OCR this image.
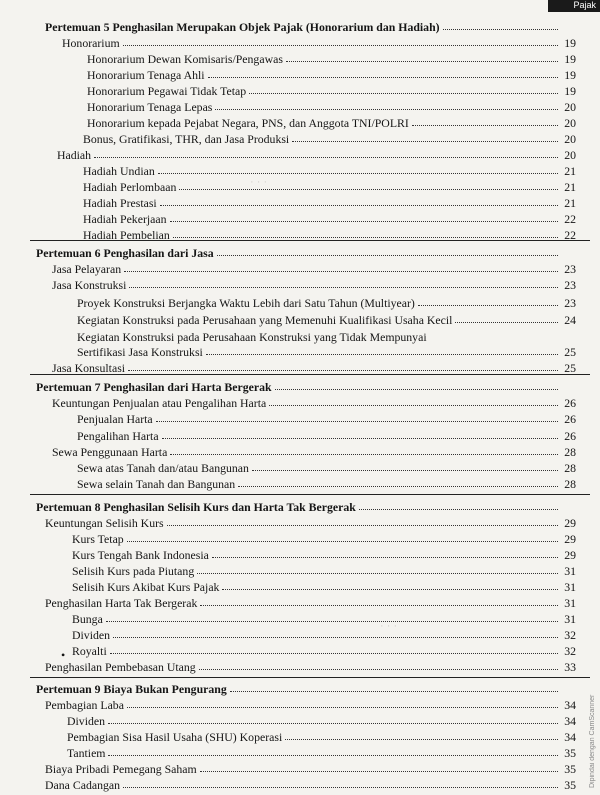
Pajak
· · ·
· · ·
Pertemuan 5 Penghasilan Merupakan Objek Pajak (Honorarium dan Hadiah)
Honorarium	19
Honorarium Dewan Komisaris/Pengawas	19
Honorarium Tenaga Ahli	19
Honorarium Pegawai Tidak Tetap	19
Honorarium Tenaga Lepas	20
Honorarium kepada Pejabat Negara, PNS, dan Anggota TNI/POLRI	20
Bonus, Gratifikasi, THR, dan Jasa Produksi	20
Hadiah	20
Hadiah Undian	21
Hadiah Perlombaan	21
Hadiah Prestasi	21
Hadiah Pekerjaan	22
Hadiah Pembelian	22
Pertemuan 6 Penghasilan dari Jasa
Jasa Pelayaran	23
Jasa Konstruksi	23
Proyek Konstruksi Berjangka Waktu Lebih dari Satu Tahun (Multiyear)	23
Kegiatan Konstruksi pada Perusahaan yang Memenuhi Kualifikasi Usaha Kecil	24
Kegiatan Konstruksi pada Perusahaan Konstruksi yang Tidak Mempunyai
Sertifikasi Jasa Konstruksi	25
Jasa Konsultasi	25
Pertemuan 7 Penghasilan dari Harta Bergerak
Keuntungan Penjualan atau Pengalihan Harta	26
Penjualan Harta	26
Pengalihan Harta	26
Sewa Penggunaan Harta	28
Sewa atas Tanah dan/atau Bangunan	28
Sewa selain Tanah dan Bangunan	28
Pertemuan 8 Penghasilan Selisih Kurs dan Harta Tak Bergerak
Keuntungan Selisih Kurs	29
Kurs Tetap	29
Kurs Tengah Bank Indonesia	29
Selisih Kurs pada Piutang	31
Selisih Kurs Akibat Kurs Pajak	31
Penghasilan Harta Tak Bergerak	31
Bunga	31
Dividen	32
• Royalti	32
Penghasilan Pembebasan Utang	33
Pertemuan 9 Biaya Bukan Pengurang
Pembagian Laba	34
Dividen	34
Pembagian Sisa Hasil Usaha (SHU) Koperasi	34
Tantiem	35
Biaya Pribadi Pemegang Saham	35
Dana Cadangan	35 Dipindai dengan CamScanner
